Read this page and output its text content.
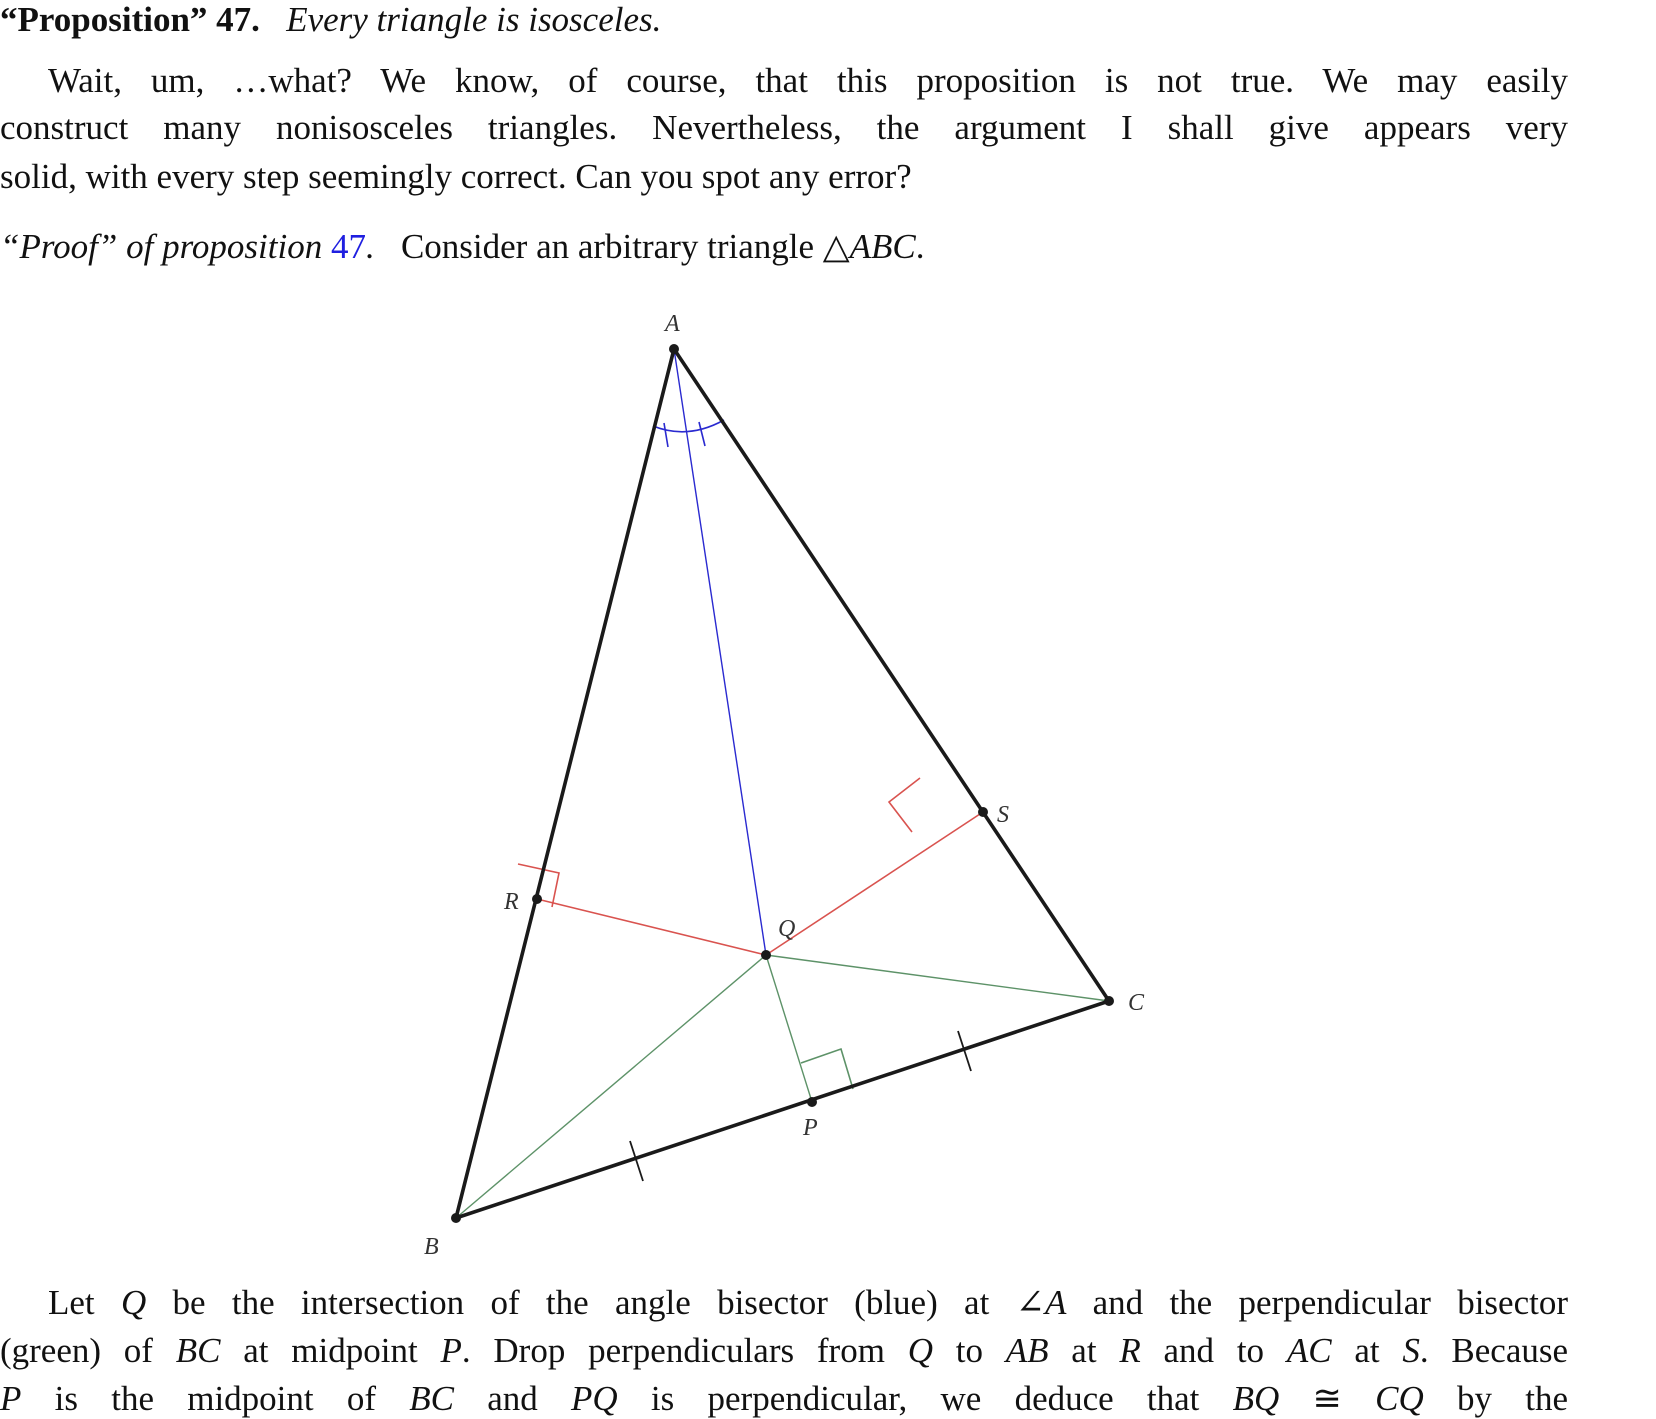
“Proposition” 47. Every triangle is isosceles.
Wait, um, …what? We know, of course, that this proposition is not true. We may easily
construct many nonisosceles triangles. Nevertheless, the argument I shall give appears very
solid, with every step seemingly correct. Can you spot any error?
“Proof” of proposition 47. Consider an arbitrary triangle △ABC.
A
B
C
P
Q
R
S
Let Q be the intersection of the angle bisector (blue) at ∠A and the perpendicular bisector
(green) of BC at midpoint P. Drop perpendiculars from Q to AB at R and to AC at S. Because
P is the midpoint of BC and PQ is perpendicular, we deduce that BQ ≅ CQ by the
